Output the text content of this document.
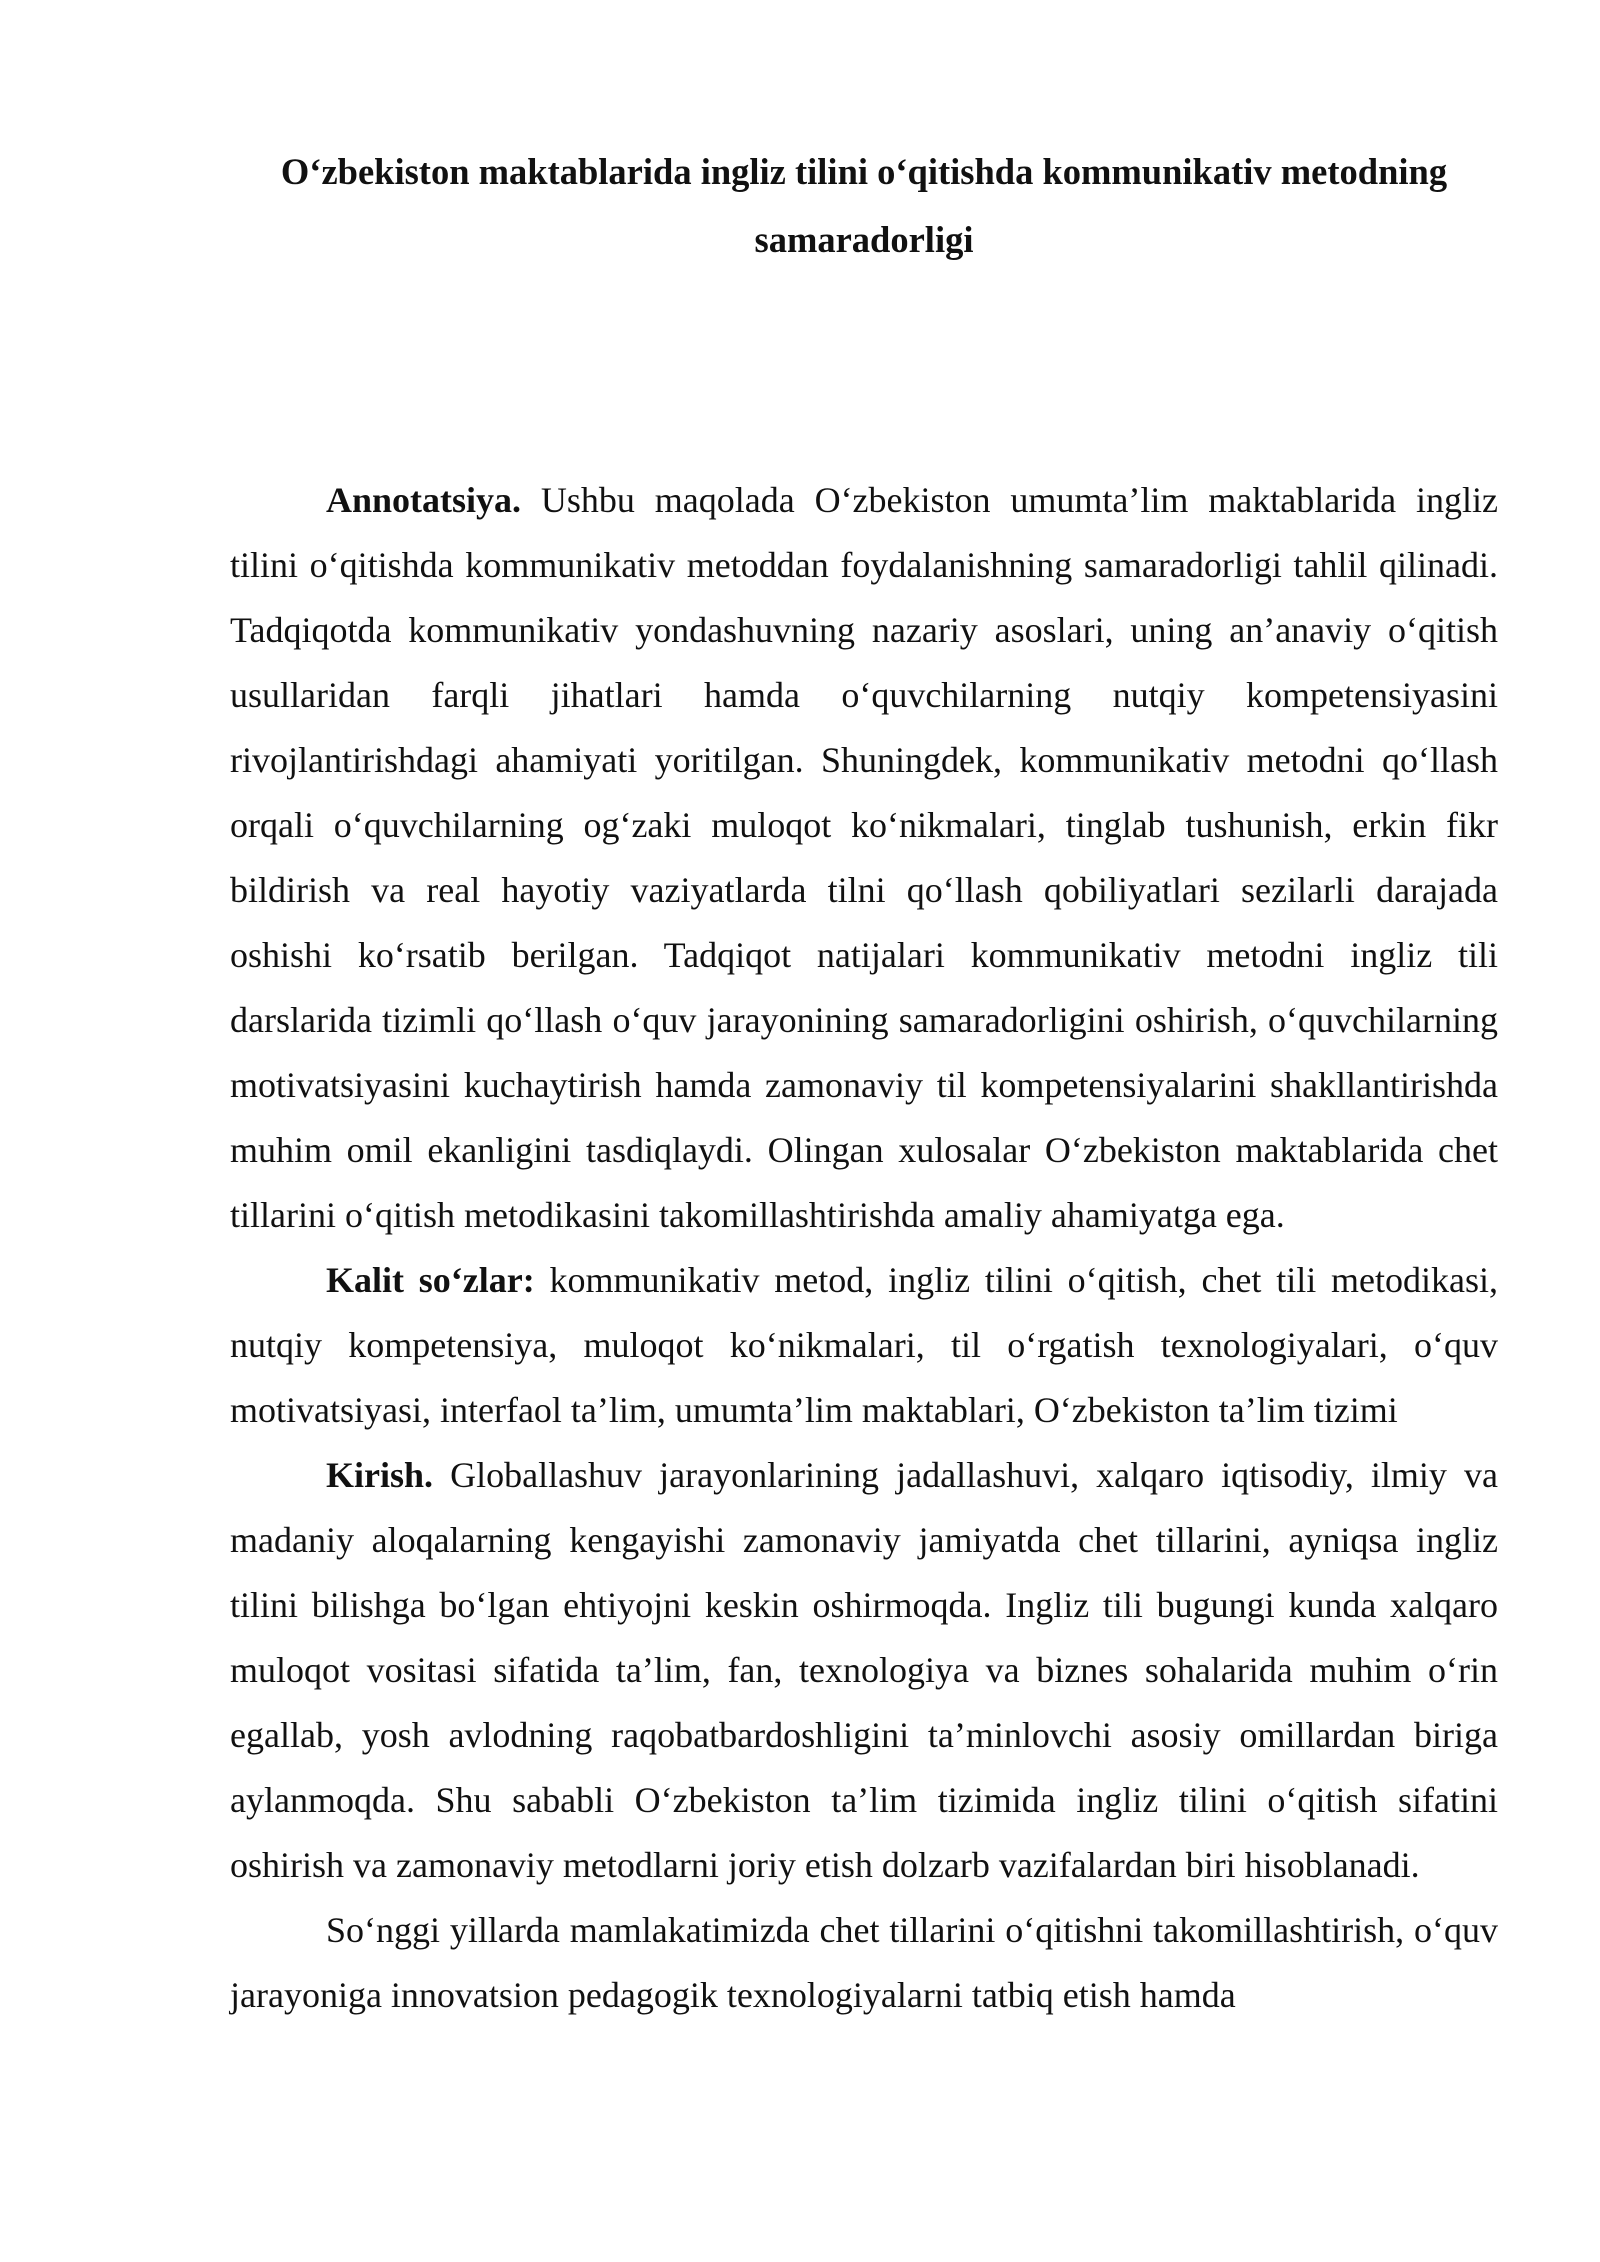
O‘zbekiston maktablarida ingliz tilini o‘qitishda kommunikativ metodning samaradorligi

Annotatsiya. Ushbu maqolada O‘zbekiston umumta’lim maktablarida ingliz tilini o‘qitishda kommunikativ metoddan foydalanishning samaradorligi tahlil qilinadi. Tadqiqotda kommunikativ yondashuvning nazariy asoslari, uning an’anaviy o‘qitish usullaridan farqli jihatlari hamda o‘quvchilarning nutqiy kompetensiyasini rivojlantirishdagi ahamiyati yoritilgan. Shuningdek, kommunikativ metodni qo‘llash orqali o‘quvchilarning og‘zaki muloqot ko‘nikmalari, tinglab tushunish, erkin fikr bildirish va real hayotiy vaziyatlarda tilni qo‘llash qobiliyatlari sezilarli darajada oshishi ko‘rsatib berilgan. Tadqiqot natijalari kommunikativ metodni ingliz tili darslarida tizimli qo‘llash o‘quv jarayonining samaradorligini oshirish, o‘quvchilarning motivatsiyasini kuchaytirish hamda zamonaviy til kompetensiyalarini shakllantirishda muhim omil ekanligini tasdiqlaydi. Olingan xulosalar O‘zbekiston maktablarida chet tillarini o‘qitish metodikasini takomillashtirishda amaliy ahamiyatga ega.

Kalit so‘zlar: kommunikativ metod, ingliz tilini o‘qitish, chet tili metodikasi, nutqiy kompetensiya, muloqot ko‘nikmalari, til o‘rgatish texnologiyalari, o‘quv motivatsiyasi, interfaol ta’lim, umumta’lim maktablari, O‘zbekiston ta’lim tizimi

Kirish. Globallashuv jarayonlarining jadallashuvi, xalqaro iqtisodiy, ilmiy va madaniy aloqalarning kengayishi zamonaviy jamiyatda chet tillarini, ayniqsa ingliz tilini bilishga bo‘lgan ehtiyojni keskin oshirmoqda. Ingliz tili bugungi kunda xalqaro muloqot vositasi sifatida ta’lim, fan, texnologiya va biznes sohalarida muhim o‘rin egallab, yosh avlodning raqobatbardoshligini ta’minlovchi asosiy omillardan biriga aylanmoqda. Shu sababli O‘zbekiston ta’lim tizimida ingliz tilini o‘qitish sifatini oshirish va zamonaviy metodlarni joriy etish dolzarb vazifalardan biri hisoblanadi.

So‘nggi yillarda mamlakatimizda chet tillarini o‘qitishni takomillashtirish, o‘quv jarayoniga innovatsion pedagogik texnologiyalarni tatbiq etish hamda
